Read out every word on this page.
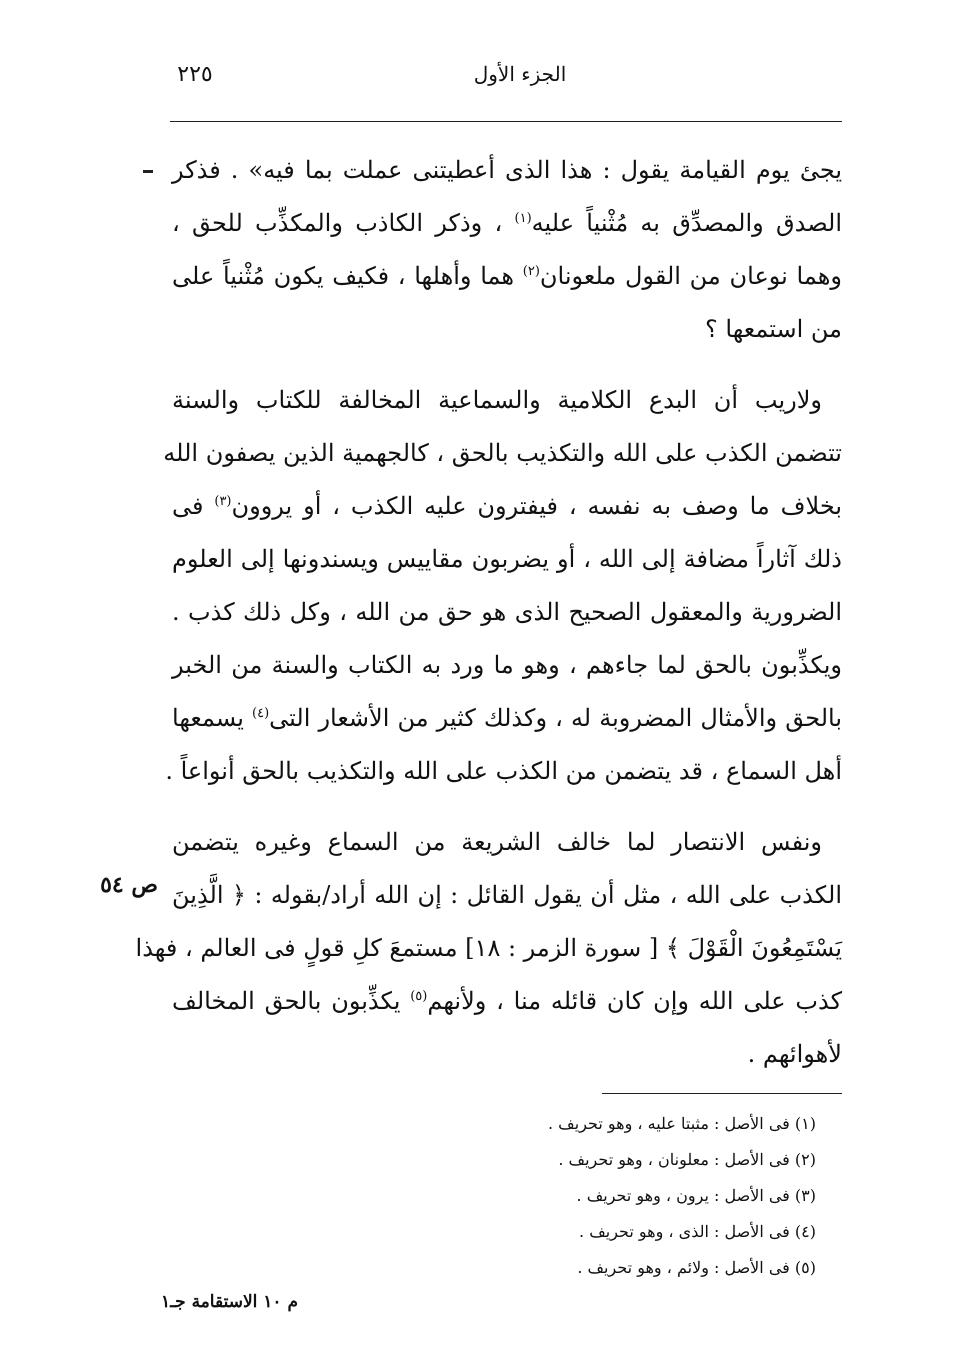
الجزء الأول
٢٢٥
يجئ يوم القيامة يقول : هذا الذى أعطيتنى عملت بما فيه» . فذكر
الصدق والمصدِّق به مُثْنياً عليه$^{(١)}$ ، وذكر الكاذب والمكذِّب للحق ،
وهما نوعان من القول ملعونان$^{(٢)}$ هما وأهلها ، فكيف يكون مُثْنياً على
من استمعها ؟
ولاريب أن البدع الكلامية والسماعية المخالفة للكتاب والسنة
تتضمن الكذب على الله والتكذيب بالحق ، كالجهمية الذين يصفون الله
بخلاف ما وصف به نفسه ، فيفترون عليه الكذب ، أو يروون$^{(٣)}$ فى
ذلك آثاراً مضافة إلى الله ، أو يضربون مقاييس ويسندونها إلى العلوم
الضرورية والمعقول الصحيح الذى هو حق من الله ، وكل ذلك كذب .
ويكذِّبون بالحق لما جاءهم ، وهو ما ورد به الكتاب والسنة من الخبر
بالحق والأمثال المضروبة له ، وكذلك كثير من الأشعار التى$^{(٤)}$ يسمعها
أهل السماع ، قد يتضمن من الكذب على الله والتكذيب بالحق أنواعاً .
ونفس الانتصار لما خالف الشريعة من السماع وغيره يتضمن
الكذب على الله ، مثل أن يقول القائل : إن الله أراد/بقوله : ﴿ الَّذِينَ
يَسْتَمِعُونَ الْقَوْلَ ﴾ [ سورة الزمر : ١٨] مستمعَ كلِ قولٍ فى العالم ، فهذا
كذب على الله وإن كان قائله منا ، ولأنهم$^{(٥)}$ يكذِّبون بالحق المخالف
لأهوائهم .
ص ٥٤
(١) فى الأصل : مثبتا عليه ، وهو تحريف .
(٢) فى الأصل : معلونان ، وهو تحريف .
(٣) فى الأصل : يرون ، وهو تحريف .
(٤) فى الأصل : الذى ، وهو تحريف .
(٥) فى الأصل : ولائم ، وهو تحريف .
م ١٠ الاستقامة جـ١
